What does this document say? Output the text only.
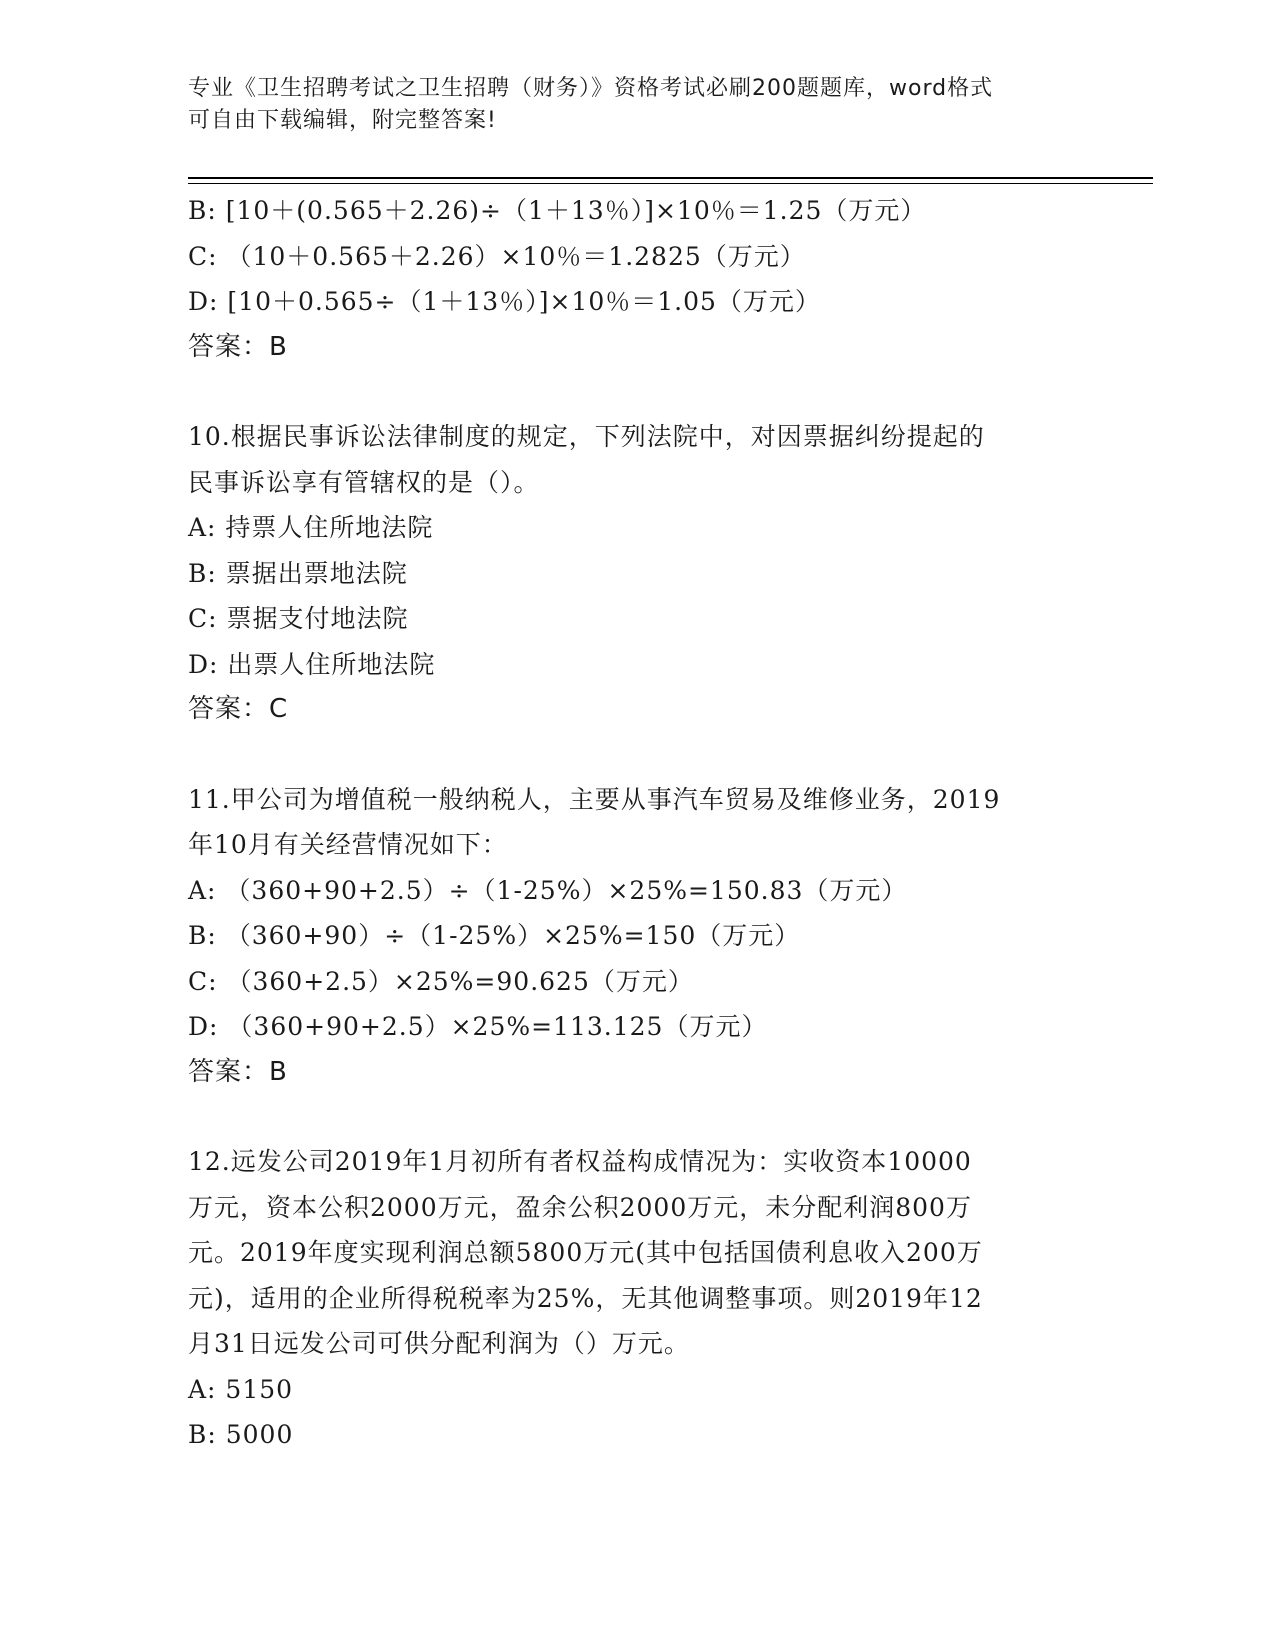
专业《卫生招聘考试之卫生招聘（财务）》资格考试必刷200题题库，word格式
可自由下载编辑，附完整答案!
B: [10＋(0.565＋2.26)÷（1＋13％）]×10％＝1.25（万元）
C: （10＋0.565＋2.26）×10％＝1.2825（万元）
D: [10＋0.565÷（1＋13％）]×10％＝1.05（万元）
答案：B
10.根据民事诉讼法律制度的规定，下列法院中，对因票据纠纷提起的
民事诉讼享有管辖权的是（）。
A: 持票人住所地法院
B: 票据出票地法院
C: 票据支付地法院
D: 出票人住所地法院
答案：C
11.甲公司为增值税一般纳税人，主要从事汽车贸易及维修业务，2019
年10月有关经营情况如下：
A: （360+90+2.5）÷（1-25%）×25%=150.83（万元）
B: （360+90）÷（1-25%）×25%=150（万元）
C: （360+2.5）×25%=90.625（万元）
D: （360+90+2.5）×25%=113.125（万元）
答案：B
12.远发公司2019年1月初所有者权益构成情况为：实收资本10000
万元，资本公积2000万元，盈余公积2000万元，未分配利润800万
元。2019年度实现利润总额5800万元(其中包括国债利息收入200万
元)，适用的企业所得税税率为25%，无其他调整事项。则2019年12
月31日远发公司可供分配利润为（）万元。
A: 5150
B: 5000
